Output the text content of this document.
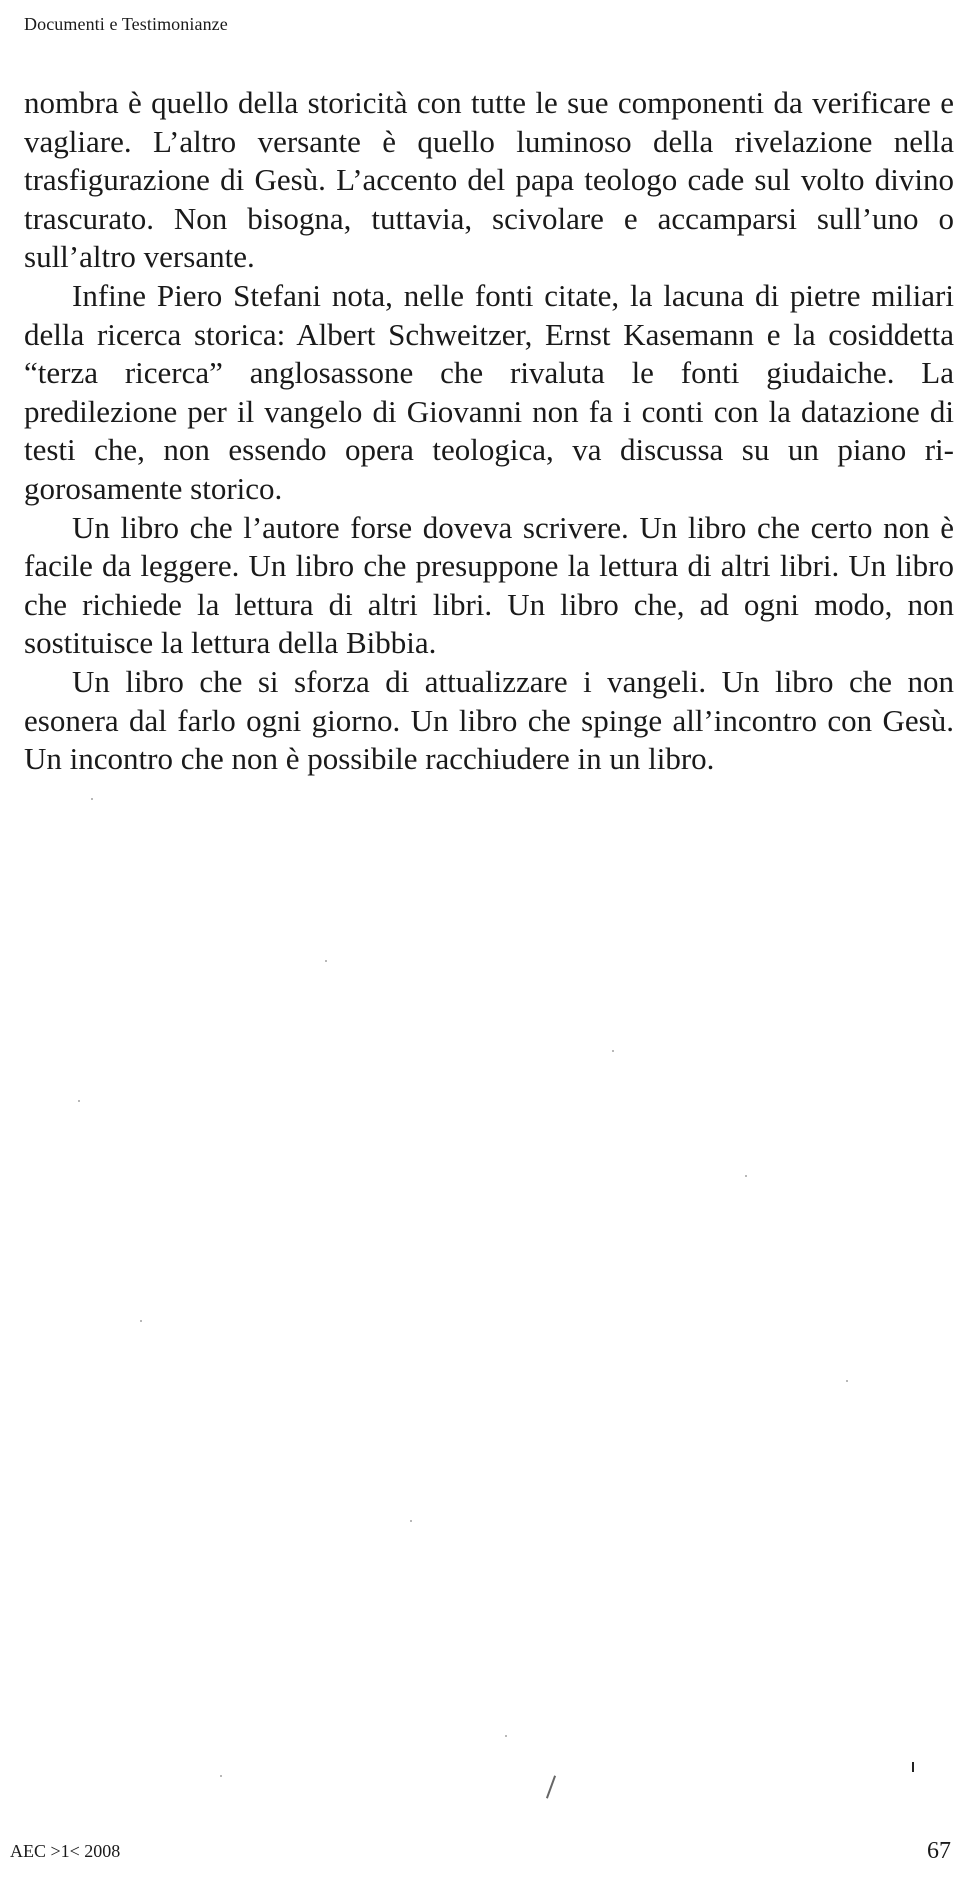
Documenti e Testimonianze

nombra è quello della storicità con tutte le sue componenti da verificare e vagliare. L’altro versante è quello luminoso della rivelazione nella trasfigurazione di Gesù. L’accento del papa teologo cade sul volto divino trascurato. Non bisogna, tuttavia, scivolare e accamparsi sull’uno o sull’altro versante.

Infine Piero Stefani nota, nelle fonti citate, la lacuna di pietre miliari della ricerca storica: Albert Schweitzer, Ernst Kasemann e la cosiddetta “terza ricerca” anglosassone che rivaluta le fonti giudaiche. La predilezione per il vangelo di Giovanni non fa i conti con la datazione di testi che, non essendo opera teologica, va discussa su un piano rigorosamente storico.

Un libro che l’autore forse doveva scrivere. Un libro che certo non è facile da leggere. Un libro che presuppone la lettura di altri libri. Un libro che richiede la lettura di altri libri. Un libro che, ad ogni modo, non sostituisce la lettura della Bibbia.

Un libro che si sforza di attualizzare i vangeli. Un libro che non esonera dal farlo ogni giorno. Un libro che spinge all’incontro con Gesù. Un incontro che non è possibile racchiudere in un libro.

AEC >1< 2008	67
